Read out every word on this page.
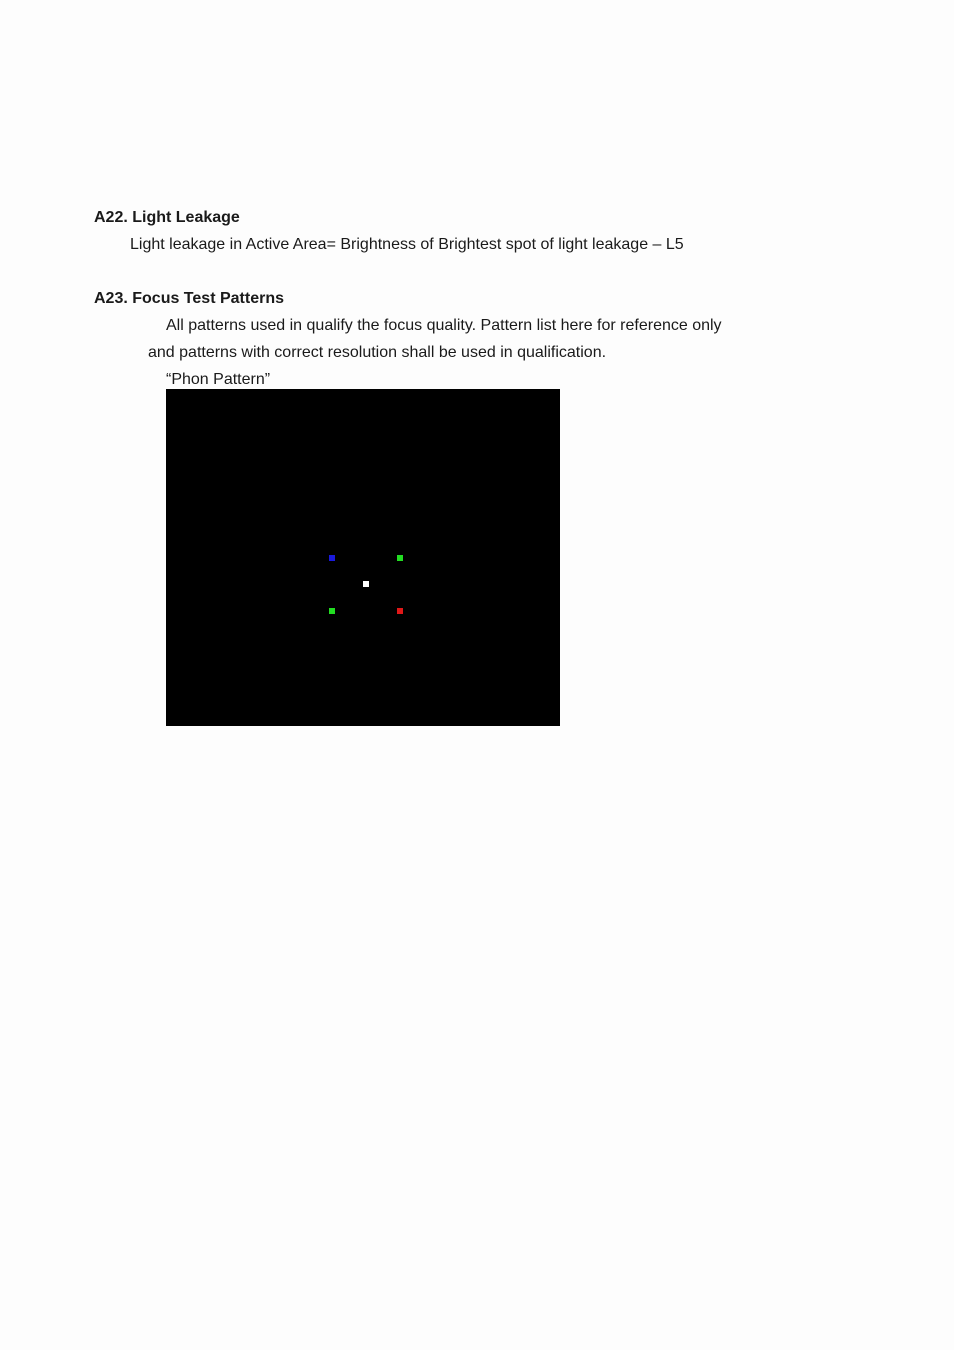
A22. Light Leakage
Light leakage in Active Area= Brightness of Brightest spot of light leakage – L5
A23. Focus Test Patterns
All patterns used in qualify the focus quality. Pattern list here for reference only
and patterns with correct resolution shall be used in qualification.
“Phon Pattern”
